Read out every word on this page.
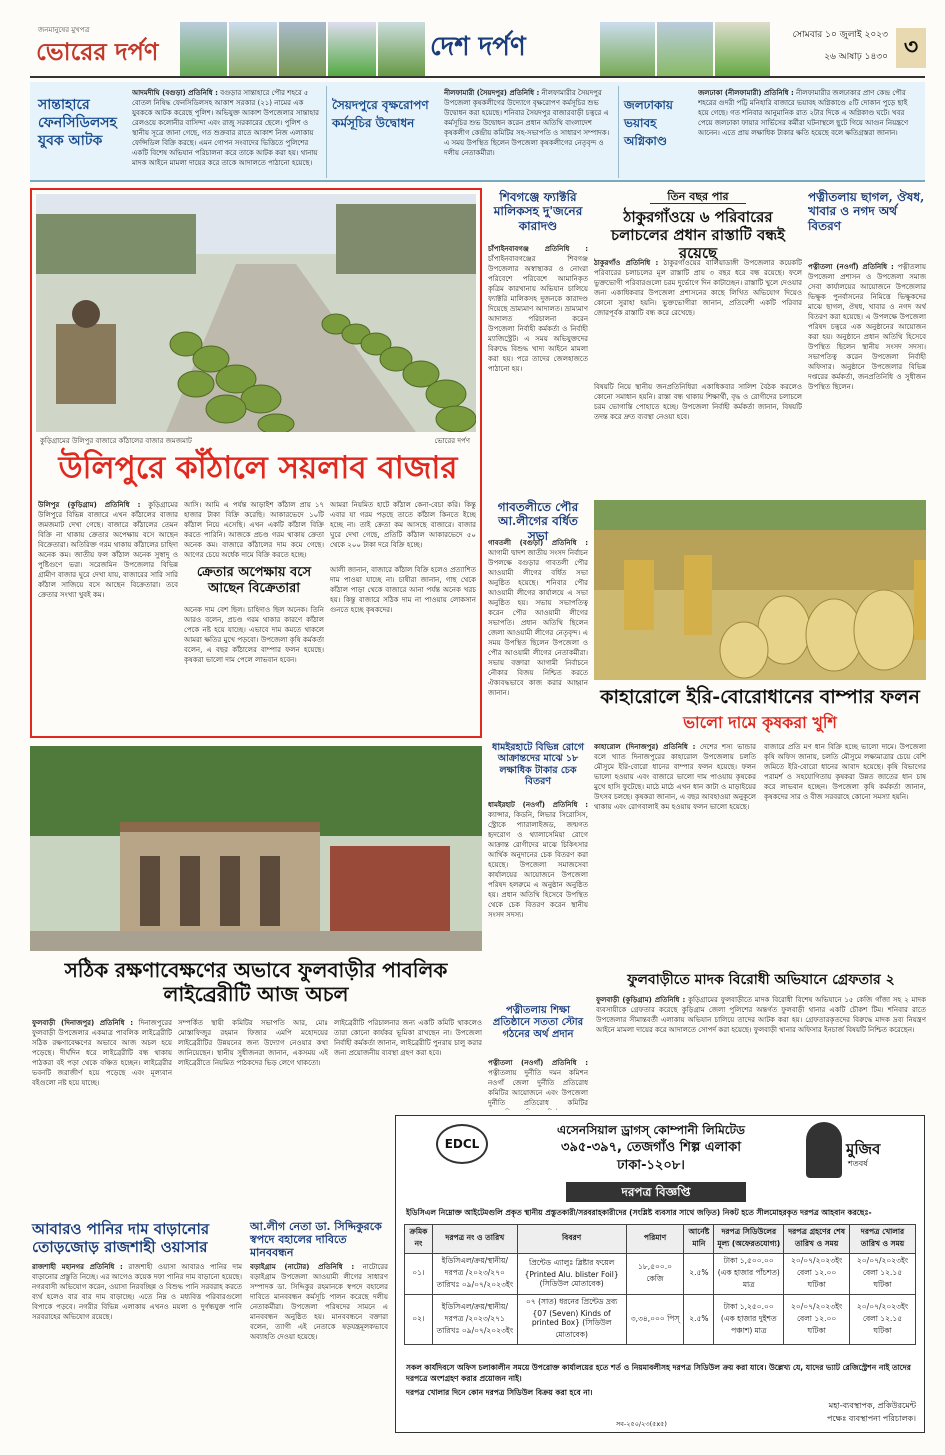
জনমানুষের মুখপত্র
ভোরের দর্পণ	দেশ দর্পণ	সোমবার ১০ জুলাই ২০২৩
২৬ আষাঢ় ১৪৩০ ৩
সান্তাহারে ফেনসিডিলসহ যুবক আটক
আদমদীঘি (বগুড়া) প্রতিনিধি : বগুড়ার সান্তাহারে পৌর শহরে ৫ বোতল নিষিদ্ধ ফেনসিডিলসহ আকাশ সরকার (২১) নামের এক যুবককে আটক করেছে পুলিশ। অভিযুক্ত আকাশ উপজেলার সান্তাহার রেলওয়ে কলোনীর বাসিন্দা এবং রাজু সরকারের ছেলে। পুলিশ ও স্থানীয় সূত্রে জানা গেছে, গত শুক্রবার রাতে আকাশ নিজ এলাকায় ফেন্সিডিল বিক্রি করছে। এমন গোপন সংবাদের ভিত্তিতে পুলিশের একটি বিশেষ অভিযান পরিচালনা করে তাকে আটক করা হয়। থানায় মাদক আইনে মামলা দায়ের করে তাকে আদালতে পাঠানো হয়েছে।
সৈয়দপুরে বৃক্ষরোপণ কর্মসূচির উদ্বোধন
নীলফামারী (সৈয়দপুর) প্রতিনিধি : নীলফামারীর সৈয়দপুর উপজেলা কৃষকলীগের উদ্যোগে বৃক্ষরোপণ কর্মসূচির শুভ উদ্বোধন করা হয়েছে। শনিবার সৈয়দপুর বাজারবাড়ী চত্বরে এ কর্মসূচির শুভ উদ্বোধন করেন প্রধান অতিথি বাংলাদেশ কৃষকলীগ কেন্দ্রীয় কমিটির সহ-সভাপতি ও সাধারণ সম্পাদক। এ সময় উপস্থিত ছিলেন উপজেলা কৃষকলীগের নেতৃবৃন্দ ও দলীয় নেতাকর্মীরা।
জলঢাকায় ভয়াবহ অগ্নিকাণ্ড
জলঢাকা (নীলফামারী) প্রতিনিধি : নীলফামারীর জলঢাকার প্রাণ কেন্দ্র পৌর শহরের গুদরী পট্টি মনিহারি বাজারে ভয়াবহ অগ্নিকাণ্ডে ৫টি দোকান পুড়ে ছাই হয়ে গেছে। গত শনিবার আনুমানিক রাত ২টার দিকে এ অগ্নিকাণ্ড ঘটে। খবর পেয়ে জলঢাকা ফায়ার সার্ভিসের কর্মীরা ঘটনাস্থলে ছুটে গিয়ে আগুন নিয়ন্ত্রণে আনেন। এতে প্রায় লক্ষাধিক টাকার ক্ষতি হয়েছে বলে ক্ষতিগ্রস্তরা জানান।
কুড়িগ্রামের উলিপুর বাজারে কাঁঠালের বাজার জমজমাট	ভোরের দর্পণ
উলিপুরে কাঁঠালে সয়লাব বাজার
উলিপুর (কুড়িগ্রাম) প্রতিনিধি : কুড়িগ্রামের উলিপুরে বিভিন্ন বাজারে এখন কাঁঠালের বাজার জমজমাট দেখা গেছে। বাজারে কাঁঠালের তেমন বিক্রি না থাকায় ক্রেতার অপেক্ষায় বসে আছেন বিক্রেতারা। অতিরিক্ত গরম থাকায় কাঁঠালের চাহিদা অনেক কম। জাতীয় ফল কাঁঠাল অনেক সুস্বাদু ও পুষ্টিগুণে ভরা। সরেজমিন উপজেলার বিভিন্ন গ্রামীণ বাজার ঘুরে দেখা যায়, বাজারের সারি সারি কাঁঠাল সাজিয়ে বসে আছেন বিক্রেতারা। তবে ক্রেতার সংখ্যা খুবই কম।
আসি। আমি এ পর্যন্ত আড়াইশ কাঁঠাল প্রায় ১৭ হাজার টাকা বিক্রি করেছি। আকারভেদে ১০টি কাঁঠাল নিয়ে এসেছি। এখন একটি কাঁঠাল বিক্রি করতে পারিনি। আজকে প্রচণ্ড গরম থাকায় ক্রেতা অনেক কম। বাজারে কাঁঠালের দাম কমে গেছে। আগের চেয়ে অর্ধেক দামে বিক্রি করতে হচ্ছে।
আমরা নিয়মিত হাটে কাঁঠাল কেনা-বেচা করি। কিন্তু এবার যা গরম পড়ছে তাতে কাঁঠাল কিনতে ইচ্ছে হচ্ছে না। তাই ক্রেতা কম আসছে বাজারে। বাজার ঘুরে দেখা গেছে, প্রতিটি কাঁঠাল আকারভেদে ৫০ থেকে ২০০ টাকা দরে বিক্রি হচ্ছে।
ক্রেতার অপেক্ষায় বসে আছেন বিক্রেতারা
অনেক দাম বেশ ছিল। চাহিদাও ছিল অনেক। তিনি আরও বলেন, প্রচণ্ড গরম থাকার কারণে কাঁঠাল পেকে নষ্ট হয়ে যাচ্ছে। এভাবে দাম কমতে থাকলে আমরা ক্ষতির মুখে পড়বো। উপজেলা কৃষি কর্মকর্তা বলেন, এ বছর কাঁঠালের বাম্পার ফলন হয়েছে। কৃষকরা ভালো দাম পেলে লাভবান হবেন।
আলী জানান, বাজারে কাঁঠাল বিক্রি হলেও প্রত্যাশিত দাম পাওয়া যাচ্ছে না। চাষীরা জানান, গাছ থেকে কাঁঠাল পাড়া থেকে বাজারে আনা পর্যন্ত অনেক খরচ হয়। কিন্তু বাজারে সঠিক দাম না পাওয়ায় লোকসান গুনতে হচ্ছে কৃষকদের।
শিবগঞ্জে ফ্যাক্টরি মালিকসহ দু'জনের কারাদণ্ড
চাঁপাইনবাবগঞ্জ প্রতিনিধি : চাঁপাইনবাবগঞ্জের শিবগঞ্জ উপজেলার অস্বাস্থ্যকর ও নোংরা পরিবেশে পরিবেশে আমানিকৃত কৃত্রিম কারখানায় অভিযান চালিয়ে ফ্যাক্টরি মালিকসহ দুজনকে কারাদণ্ড দিয়েছে ভ্রাম্যমাণ আদালত। ভ্রাম্যমাণ আদালত পরিচালনা করেন উপজেলা নির্বাহী কর্মকর্তা ও নির্বাহী ম্যাজিস্ট্রেট। এ সময় অভিযুক্তদের বিরুদ্ধে বিশুদ্ধ খাদ্য আইনে মামলা করা হয়। পরে তাদের জেলহাজতে পাঠানো হয়।
গাবতলীতে পৌর আ.লীগের বর্ধিত সভা
গাবতলী (বগুড়া) প্রতিনিধি : আগামী দ্বাদশ জাতীয় সংসদ নির্বাচন উপলক্ষে বগুড়ার গাবতলী পৌর আওয়ামী লীগের বর্ধিত সভা অনুষ্ঠিত হয়েছে। শনিবার পৌর আওয়ামী লীগের কার্যালয়ে এ সভা অনুষ্ঠিত হয়। সভায় সভাপতিত্ব করেন পৌর আওয়ামী লীগের সভাপতি। প্রধান অতিথি ছিলেন জেলা আওয়ামী লীগের নেতৃবৃন্দ। এ সময় উপস্থিত ছিলেন উপজেলা ও পৌর আওয়ামী লীগের নেতাকর্মীরা। সভায় বক্তারা আগামী নির্বাচনে নৌকার বিজয় নিশ্চিত করতে ঐক্যবদ্ধভাবে কাজ করার আহ্বান জানান।
তিন বছর পার
ঠাকুরগাঁওয়ে ৬ পরিবারের চলাচলের প্রধান রাস্তাটি বন্ধই রয়েছে
ঠাকুরগাঁও প্রতিনিধি : ঠাকুরগাঁওয়ের বালিয়াডাঙ্গী উপজেলার কয়েকটি পরিবারের চলাচলের মূল রাস্তাটি প্রায় ৩ বছর ধরে বন্ধ রয়েছে। ফলে ভুক্তভোগী পরিবারগুলো চরম দুর্ভোগে দিন কাটাচ্ছেন। রাস্তাটি খুলে দেওয়ার জন্য একাধিকবার উপজেলা প্রশাসনের কাছে লিখিত অভিযোগ দিয়েও কোনো সুরাহা হয়নি। ভুক্তভোগীরা জানান, প্রতিবেশী একটি পরিবার জোরপূর্বক রাস্তাটি বন্ধ করে রেখেছে।
বিষয়টি নিয়ে স্থানীয় জনপ্রতিনিধিরা একাধিকবার সালিশ বৈঠক করলেও কোনো সমাধান হয়নি। রাস্তা বন্ধ থাকায় শিক্ষার্থী, বৃদ্ধ ও রোগীদের চলাচলে চরম ভোগান্তি পোহাতে হচ্ছে। উপজেলা নির্বাহী কর্মকর্তা জানান, বিষয়টি তদন্ত করে দ্রুত ব্যবস্থা নেওয়া হবে।
পত্নীতলায় ছাগল, ঔষধ, খাবার ও নগদ অর্থ বিতরণ
পত্নীতলা (নওগাঁ) প্রতিনিধি : পত্নীতলায় উপজেলা প্রশাসন ও উপজেলা সমাজ সেবা কার্যালয়ের আয়োজনে উপজেলার ভিক্ষুক পুনর্বাসনের নিমিত্তে ভিক্ষুকদের মাঝে ছাগল, ঔষধ, খাবার ও নগদ অর্থ বিতরণ করা হয়েছে। এ উপলক্ষে উপজেলা পরিষদ চত্বরে এক অনুষ্ঠানের আয়োজন করা হয়। অনুষ্ঠানে প্রধান অতিথি হিসেবে উপস্থিত ছিলেন স্থানীয় সংসদ সদস্য। সভাপতিত্ব করেন উপজেলা নির্বাহী অফিসার। অনুষ্ঠানে উপজেলার বিভিন্ন দপ্তরের কর্মকর্তা, জনপ্রতিনিধি ও সুধীজন উপস্থিত ছিলেন।
কাহারোলে ইরি-বোরোধানের বাম্পার ফলন
ভালো দামে কৃষকরা খুশি
কাহারোল (দিনাজপুর) প্রতিনিধি : দেশের শস্য ভান্ডার বলে খ্যাত দিনাজপুরের কাহারোল উপজেলায় চলতি মৌসুমে ইরি-বোরো ধানের বাম্পার ফলন হয়েছে। ফলন ভালো হওয়ায় এবং বাজারে ভালো দাম পাওয়ায় কৃষকের মুখে হাসি ফুটেছে। মাঠে মাঠে এখন ধান কাটা ও মাড়াইয়ের উৎসব চলছে। কৃষকরা জানান, এ বছর আবহাওয়া অনুকূলে থাকায় এবং রোগবালাই কম হওয়ায় ফলন ভালো হয়েছে।
বাজারে প্রতি মণ ধান বিক্রি হচ্ছে ভালো দামে। উপজেলা কৃষি অফিস জানায়, চলতি মৌসুমে লক্ষ্যমাত্রার চেয়ে বেশি জমিতে ইরি-বোরো ধানের আবাদ হয়েছে। কৃষি বিভাগের পরামর্শ ও সহযোগিতায় কৃষকরা উন্নত জাতের ধান চাষ করে লাভবান হচ্ছেন। উপজেলা কৃষি কর্মকর্তা জানান, কৃষকদের সার ও বীজ সরবরাহে কোনো সমস্যা হয়নি।
ধামইরহাটে বিভিন্ন রোগে আক্রান্তদের মাঝে ১৮ লক্ষাধিক টাকার চেক বিতরণ
ধামইরহাট (নওগাঁ) প্রতিনিধি : ক্যান্সার, কিডনি, লিভার সিরোসিস, স্ট্রোকে প্যারালাইজড, জন্মগত হৃদরোগ ও থ্যালাসেমিয়া রোগে আক্রান্ত রোগীদের মাঝে চিকিৎসার আর্থিক অনুদানের চেক বিতরণ করা হয়েছে। উপজেলা সমাজসেবা কার্যালয়ের আয়োজনে উপজেলা পরিষদ হলরুমে এ অনুষ্ঠান অনুষ্ঠিত হয়। প্রধান অতিথি হিসেবে উপস্থিত থেকে চেক বিতরণ করেন স্থানীয় সংসদ সদস্য।
পত্নীতলায় শিক্ষা প্রতিষ্ঠানে সততা স্টোর গঠনের অর্থ প্রদান
পত্নীতলা (নওগাঁ) প্রতিনিধি : পত্নীতলায় দুর্নীতি দমন কমিশন নওগাঁ জেলা দুর্নীতি প্রতিরোধ কমিটির আয়োজনে এবং উপজেলা দুর্নীতি প্রতিরোধ কমিটির
সঠিক রক্ষণাবেক্ষণের অভাবে ফুলবাড়ীর পাবলিক লাইব্রেরীটি আজ অচল
ফুলবাড়ী (দিনাজপুর) প্রতিনিধি : দিনাজপুরের ফুলবাড়ী উপজেলার একমাত্র পাবলিক লাইব্রেরীটি সঠিক রক্ষণাবেক্ষণের অভাবে আজ অচল হয়ে পড়েছে। দীর্ঘদিন ধরে লাইব্রেরীটি বন্ধ থাকায় পাঠকরা বই পড়া থেকে বঞ্চিত হচ্ছেন। লাইব্রেরীর ভবনটি জরাজীর্ণ হয়ে পড়েছে এবং মূল্যবান বইগুলো নষ্ট হয়ে যাচ্ছে।
সম্পর্কিত স্থায়ী কমিটির সভাপতি আর, মোঃ মোস্তাফিজুর রহমান ফিজার এমপি মহোদয়ের লাইব্রেরীটির উন্নয়নের জন্য উদ্যোগ নেওয়ার কথা জানিয়েছেন। স্থানীয় সুধীজনরা জানান, একসময় এই লাইব্রেরীতে নিয়মিত পাঠকদের ভিড় লেগে থাকতো।
লাইব্রেরীটি পরিচালনার জন্য একটি কমিটি থাকলেও তারা কোনো কার্যকর ভূমিকা রাখছেন না। উপজেলা নির্বাহী কর্মকর্তা জানান, লাইব্রেরীটি পুনরায় চালু করার জন্য প্রয়োজনীয় ব্যবস্থা গ্রহণ করা হবে।
আবারও পানির দাম বাড়ানোর তোড়জোড় রাজশাহী ওয়াসার
রাজশাহী মহানগর প্রতিনিধি : রাজশাহী ওয়াসা আবারও পানির দাম বাড়ানোর প্রস্তুতি নিচ্ছে। এর আগেও কয়েক দফা পানির দাম বাড়ানো হয়েছে। নগরবাসী অভিযোগ করেন, ওয়াসা নিরবচ্ছিন্ন ও বিশুদ্ধ পানি সরবরাহ করতে ব্যর্থ হলেও বার বার দাম বাড়াচ্ছে। এতে নিম্ন ও মধ্যবিত্ত পরিবারগুলো বিপাকে পড়বে। নগরীর বিভিন্ন এলাকায় এখনও ময়লা ও দুর্গন্ধযুক্ত পানি সরবরাহের অভিযোগ রয়েছে।
আ.লীগ নেতা ডা. সিদ্দিকুরকে স্বপদে বহালের দাবিতে মানববন্ধন
বড়াইগ্রাম (নাটোর) প্রতিনিধি : নাটোরের বড়াইগ্রাম উপজেলা আওয়ামী লীগের সাধারণ সম্পাদক ডা. সিদ্দিকুর রহমানকে স্বপদে বহালের দাবিতে মানববন্ধন কর্মসূচি পালন করেছে দলীয় নেতাকর্মীরা। উপজেলা পরিষদের সামনে এ মানববন্ধন অনুষ্ঠিত হয়। মানববন্ধনে বক্তারা বলেন, ত্যাগী এই নেতাকে ষড়যন্ত্রমূলকভাবে অব্যাহতি দেওয়া হয়েছে।
ফুলবাড়ীতে মাদক বিরোধী অভিযানে গ্রেফতার ২
ফুলবাড়ী (কুড়িগ্রাম) প্রতিনিধি : কুড়িগ্রামের ফুলবাড়ীতে মাদক বিরোধী বিশেষ অভিযানে ১৫ কেজি গাঁজা সহ ২ মাদক ব্যবসায়ীকে গ্রেফতার করেছে কুড়িগ্রাম জেলা পুলিশের অন্তর্গত ফুলবাড়ী থানার একটি চৌকশ টিম। শনিবার রাতে উপজেলার সীমান্তবর্তী এলাকায় অভিযান চালিয়ে তাদের আটক করা হয়। গ্রেফতারকৃতদের বিরুদ্ধে মাদক দ্রব্য নিয়ন্ত্রণ আইনে মামলা দায়ের করে আদালতে সোপর্দ করা হয়েছে। ফুলবাড়ী থানার অফিসার ইনচার্জ বিষয়টি নিশ্চিত করেছেন।
EDCL
এসেনসিয়াল ড্রাগস্ কোম্পানী লিমিটেড
৩৯৫-৩৯৭, তেজগাঁও শিল্প এলাকা
ঢাকা-১২০৮।
মুজিব
শতবর্ষ
দরপত্র বিজ্ঞপ্তি
ইডিসিএল নিম্নোক্ত আইটেমগুলি প্রকৃত স্থানীয় প্রস্তুতকারী/সরবরাহকারীদের (সংশ্লিষ্ট ব্যবসার সাথে জড়িত) নিকট হতে সীলমোহরকৃত দরপত্র আহবান করছেঃ-
ক্রমিক নং	দরপত্র নং ও তারিখ	বিবরণ	পরিমাণ	আর্নেষ্ট মানি	দরপত্র সিডিউলের মূল্য (অফেরতযোগ্য)	দরপত্র গ্রহণের শেষ তারিখ ও সময়	দরপত্র খোলার তারিখ ও সময়
০১।	ইডিসিএল/ক্রয়/স্থানীয়/দরপত্র /২০২৩/২৭০ তারিখঃ ০৯/০৭/২০২৩ইং	প্রিন্টেড এ্যালুঃ ব্লিষ্টার ফয়েল {Printed Alu. blister Foil} (সিডিউল মোতাবেক)	১৮,৫০০.০ কেজি	২.৫%	টাকা ১,৫০০.০০ (এক হাজার পাঁচশত) মাত্র	২০/০৭/২০২৩ইং বেলা ১২.০০ ঘটিকা	২০/০৭/২০২৩ইং বেলা ১২.১৫ ঘটিকা
০২।	ইডিসিএল/ক্রয়/স্থানীয়/দরপত্র /২০২৩/২৭১ তারিখঃ ০৯/০৭/২০২৩ইং	০৭ (সাত) ধরনের প্রিন্টেড দ্রব্য {07 (Seven) Kinds of printed Box} (সিডিউল মোতাবেক)	৩,৩৪,০০০ পিস্	২.৫%	টাকা ১,২৫০.০০ (এক হাজার দুইশত পঞ্চাশ) মাত্র	২০/০৭/২০২৩ইং বেলা ১২.০০ ঘটিকা	২০/০৭/২০২৩ইং বেলা ১২.১৫ ঘটিকা
সকল কার্যদিবসে অফিস চলাকালীন সময়ে উপরোক্ত কার্যালয়ের হতে শর্ত ও নিয়মাবলীসহ দরপত্র সিডিউল ক্রয় করা যাবে। উল্লেখ্য যে, যাদের ভ্যাট রেজিস্ট্রেশন নাই তাদের দরপত্রে অংশগ্রহণ করার প্রয়োজন নাই।
দরপত্র খোলার দিনে কোন দরপত্র সিডিউল বিক্রয় করা হবে না।
মহা-ব্যবস্থাপক, প্রকিউরমেন্ট
পক্ষেঃ ব্যবস্থাপনা পরিচালক।
সব-২৫০/২৩(৫x৫)
